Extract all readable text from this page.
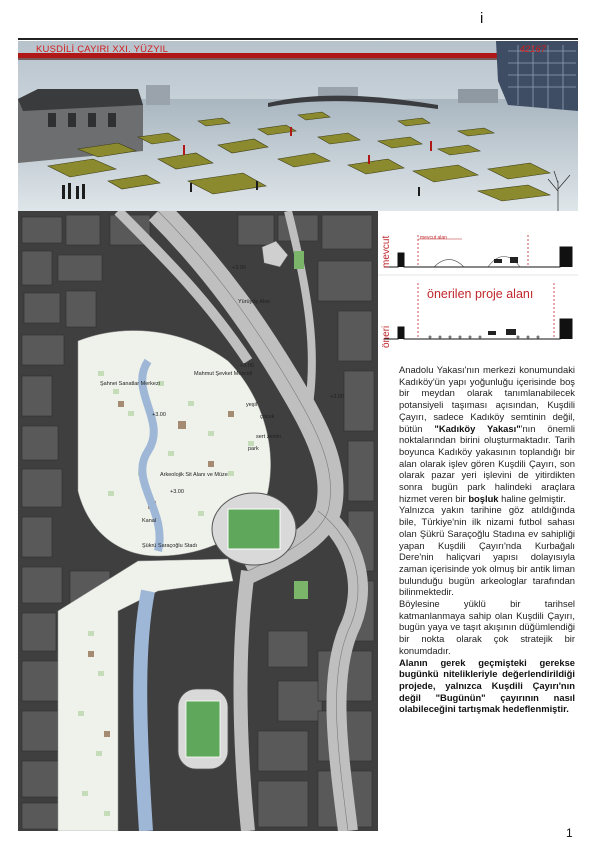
i
KUŞDİLİ ÇAYIRI XXI. YÜZYIL	42167
Mahmut Şevket Mescidi
Şahnei Sanatlar Merkezi
çocuk
sert zemin
park
yeşil
Arkeolojik Sit Alanı ve Müze
Kanal
Şükrü Saraçoğlu Stadı
Yürüyüş Aksı
+3.00
+3.00
+3.00
+3.00
+3.00
mevcut alan
önerilen proje alanı
mevcut
öneri

Anadolu Yakası'nın merkezi konumundaki Kadıköy'ün yapı yoğunluğu içerisinde boş bir meydan olarak tanımlanabilecek potansiyeli taşıması açısından, Kuşdili Çayırı, sadece Kadıköy semtinin değil, bütün "Kadıköy Yakası"'nın önemli noktalarından birini oluşturmaktadır. Tarih boyunca Kadıköy yakasının toplandığı bir alan olarak işlev gören Kuşdili Çayırı, son olarak pazar yeri işlevini de yitirdikten sonra bugün park halindeki araçlara hizmet veren bir boşluk haline gelmiştir.

Yalnızca yakın tarihine göz atıldığında bile, Türkiye'nin ilk nizami futbol sahası olan Şükrü Saraçoğlu Stadına ev sahipliği yapan Kuşdili Çayırı'nda Kurbağalı Dere'nin haliçvari yapısı dolayısıyla zaman içerisinde yok olmuş bir antik liman bulunduğu bugün arkeologlar tarafından bilinmektedir.

Böylesine yüklü bir tarihsel katmanlanmaya sahip olan Kuşdili Çayırı, bugün yaya ve taşıt akışının düğümlendiği bir nokta olarak çok stratejik bir konumdadır.

Alanın gerek geçmişteki gerekse bugünkü nitelikleriyle değerlendirildiği projede, yalnızca Kuşdili Çayırı'nın değil "Bugünün" çayırının nasıl olabileceğini tartışmak hedeflenmiştir.

1
